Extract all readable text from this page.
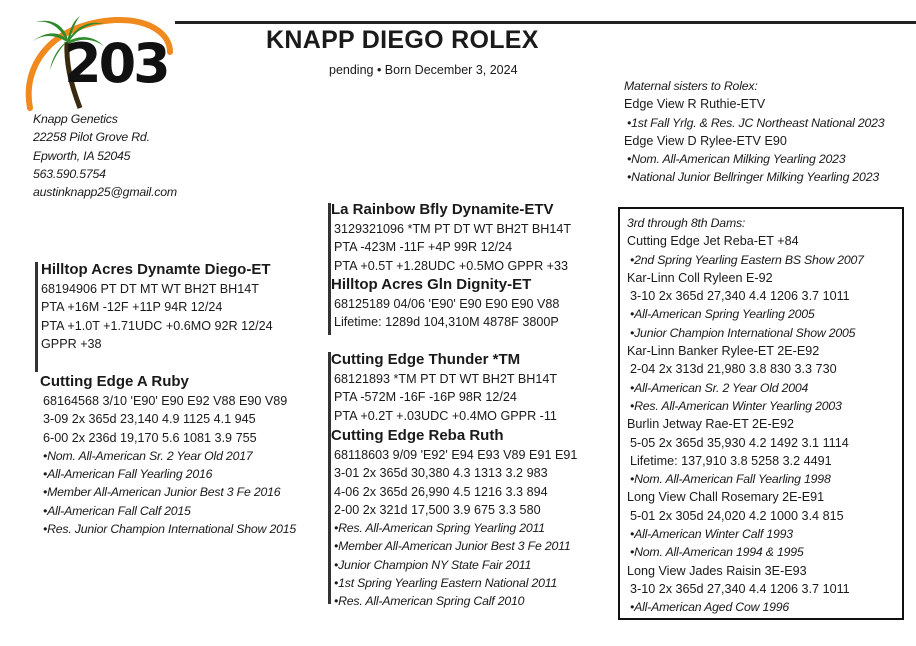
203	KNAPP DIEGO ROLEX
pending • Born December 3, 2024
Knapp Genetics
22258 Pilot Grove Rd.
Epworth, IA 52045
563.590.5754
austinknapp25@gmail.com
Hilltop Acres Dynamte Diego-ET
68194906 PT DT MT WT BH2T BH14T
PTA +16M -12F +11P 94R 12/24
PTA +1.0T +1.71UDC +0.6MO 92R 12/24
GPPR +38
Cutting Edge A Ruby
68164568 3/10 'E90' E90 E92 V88 E90 V89
3-09 2x 365d 23,140 4.9 1125 4.1 945
6-00 2x 236d 19,170 5.6 1081 3.9 755
•Nom. All-American Sr. 2 Year Old 2017
•All-American Fall Yearling 2016
•Member All-American Junior Best 3 Fe 2016
•All-American Fall Calf 2015
•Res. Junior Champion International Show 2015
La Rainbow Bfly Dynamite-ETV
3129321096 *TM PT DT WT BH2T BH14T
PTA -423M -11F +4P 99R 12/24
PTA +0.5T +1.28UDC +0.5MO GPPR +33
Hilltop Acres Gln Dignity-ET
68125189 04/06 'E90' E90 E90 E90 V88
Lifetime: 1289d 104,310M 4878F 3800P
Cutting Edge Thunder *TM
68121893 *TM PT DT WT BH2T BH14T
PTA -572M -16F -16P 98R 12/24
PTA +0.2T +.03UDC +0.4MO GPPR -11
Cutting Edge Reba Ruth
68118603 9/09 'E92' E94 E93 V89 E91 E91
3-01 2x 365d 30,380 4.3 1313 3.2 983
4-06 2x 365d 26,990 4.5 1216 3.3 894
2-00 2x 321d 17,500 3.9 675 3.3 580
•Res. All-American Spring Yearling 2011
•Member All-American Junior Best 3 Fe 2011
•Junior Champion NY State Fair 2011
•1st Spring Yearling Eastern National 2011
•Res. All-American Spring Calf 2010
Maternal sisters to Rolex:
Edge View R Ruthie-ETV
•1st Fall Yrlg. & Res. JC Northeast National 2023
Edge View D Rylee-ETV E90
•Nom. All-American Milking Yearling 2023
•National Junior Bellringer Milking Yearling 2023
3rd through 8th Dams:
Cutting Edge Jet Reba-ET +84
•2nd Spring Yearling Eastern BS Show 2007
Kar-Linn Coll Ryleen E-92
3-10 2x 365d 27,340 4.4 1206 3.7 1011
•All-American Spring Yearling 2005
•Junior Champion International Show 2005
Kar-Linn Banker Rylee-ET 2E-E92
2-04 2x 313d 21,980 3.8 830 3.3 730
•All-American Sr. 2 Year Old 2004
•Res. All-American Winter Yearling 2003
Burlin Jetway Rae-ET 2E-E92
5-05 2x 365d 35,930 4.2 1492 3.1 1114
Lifetime: 137,910 3.8 5258 3.2 4491
•Nom. All-American Fall Yearling 1998
Long View Chall Rosemary 2E-E91
5-01 2x 305d 24,020 4.2 1000 3.4 815
•All-American Winter Calf 1993
•Nom. All-American 1994 & 1995
Long View Jades Raisin 3E-E93
3-10 2x 365d 27,340 4.4 1206 3.7 1011
•All-American Aged Cow 1996
